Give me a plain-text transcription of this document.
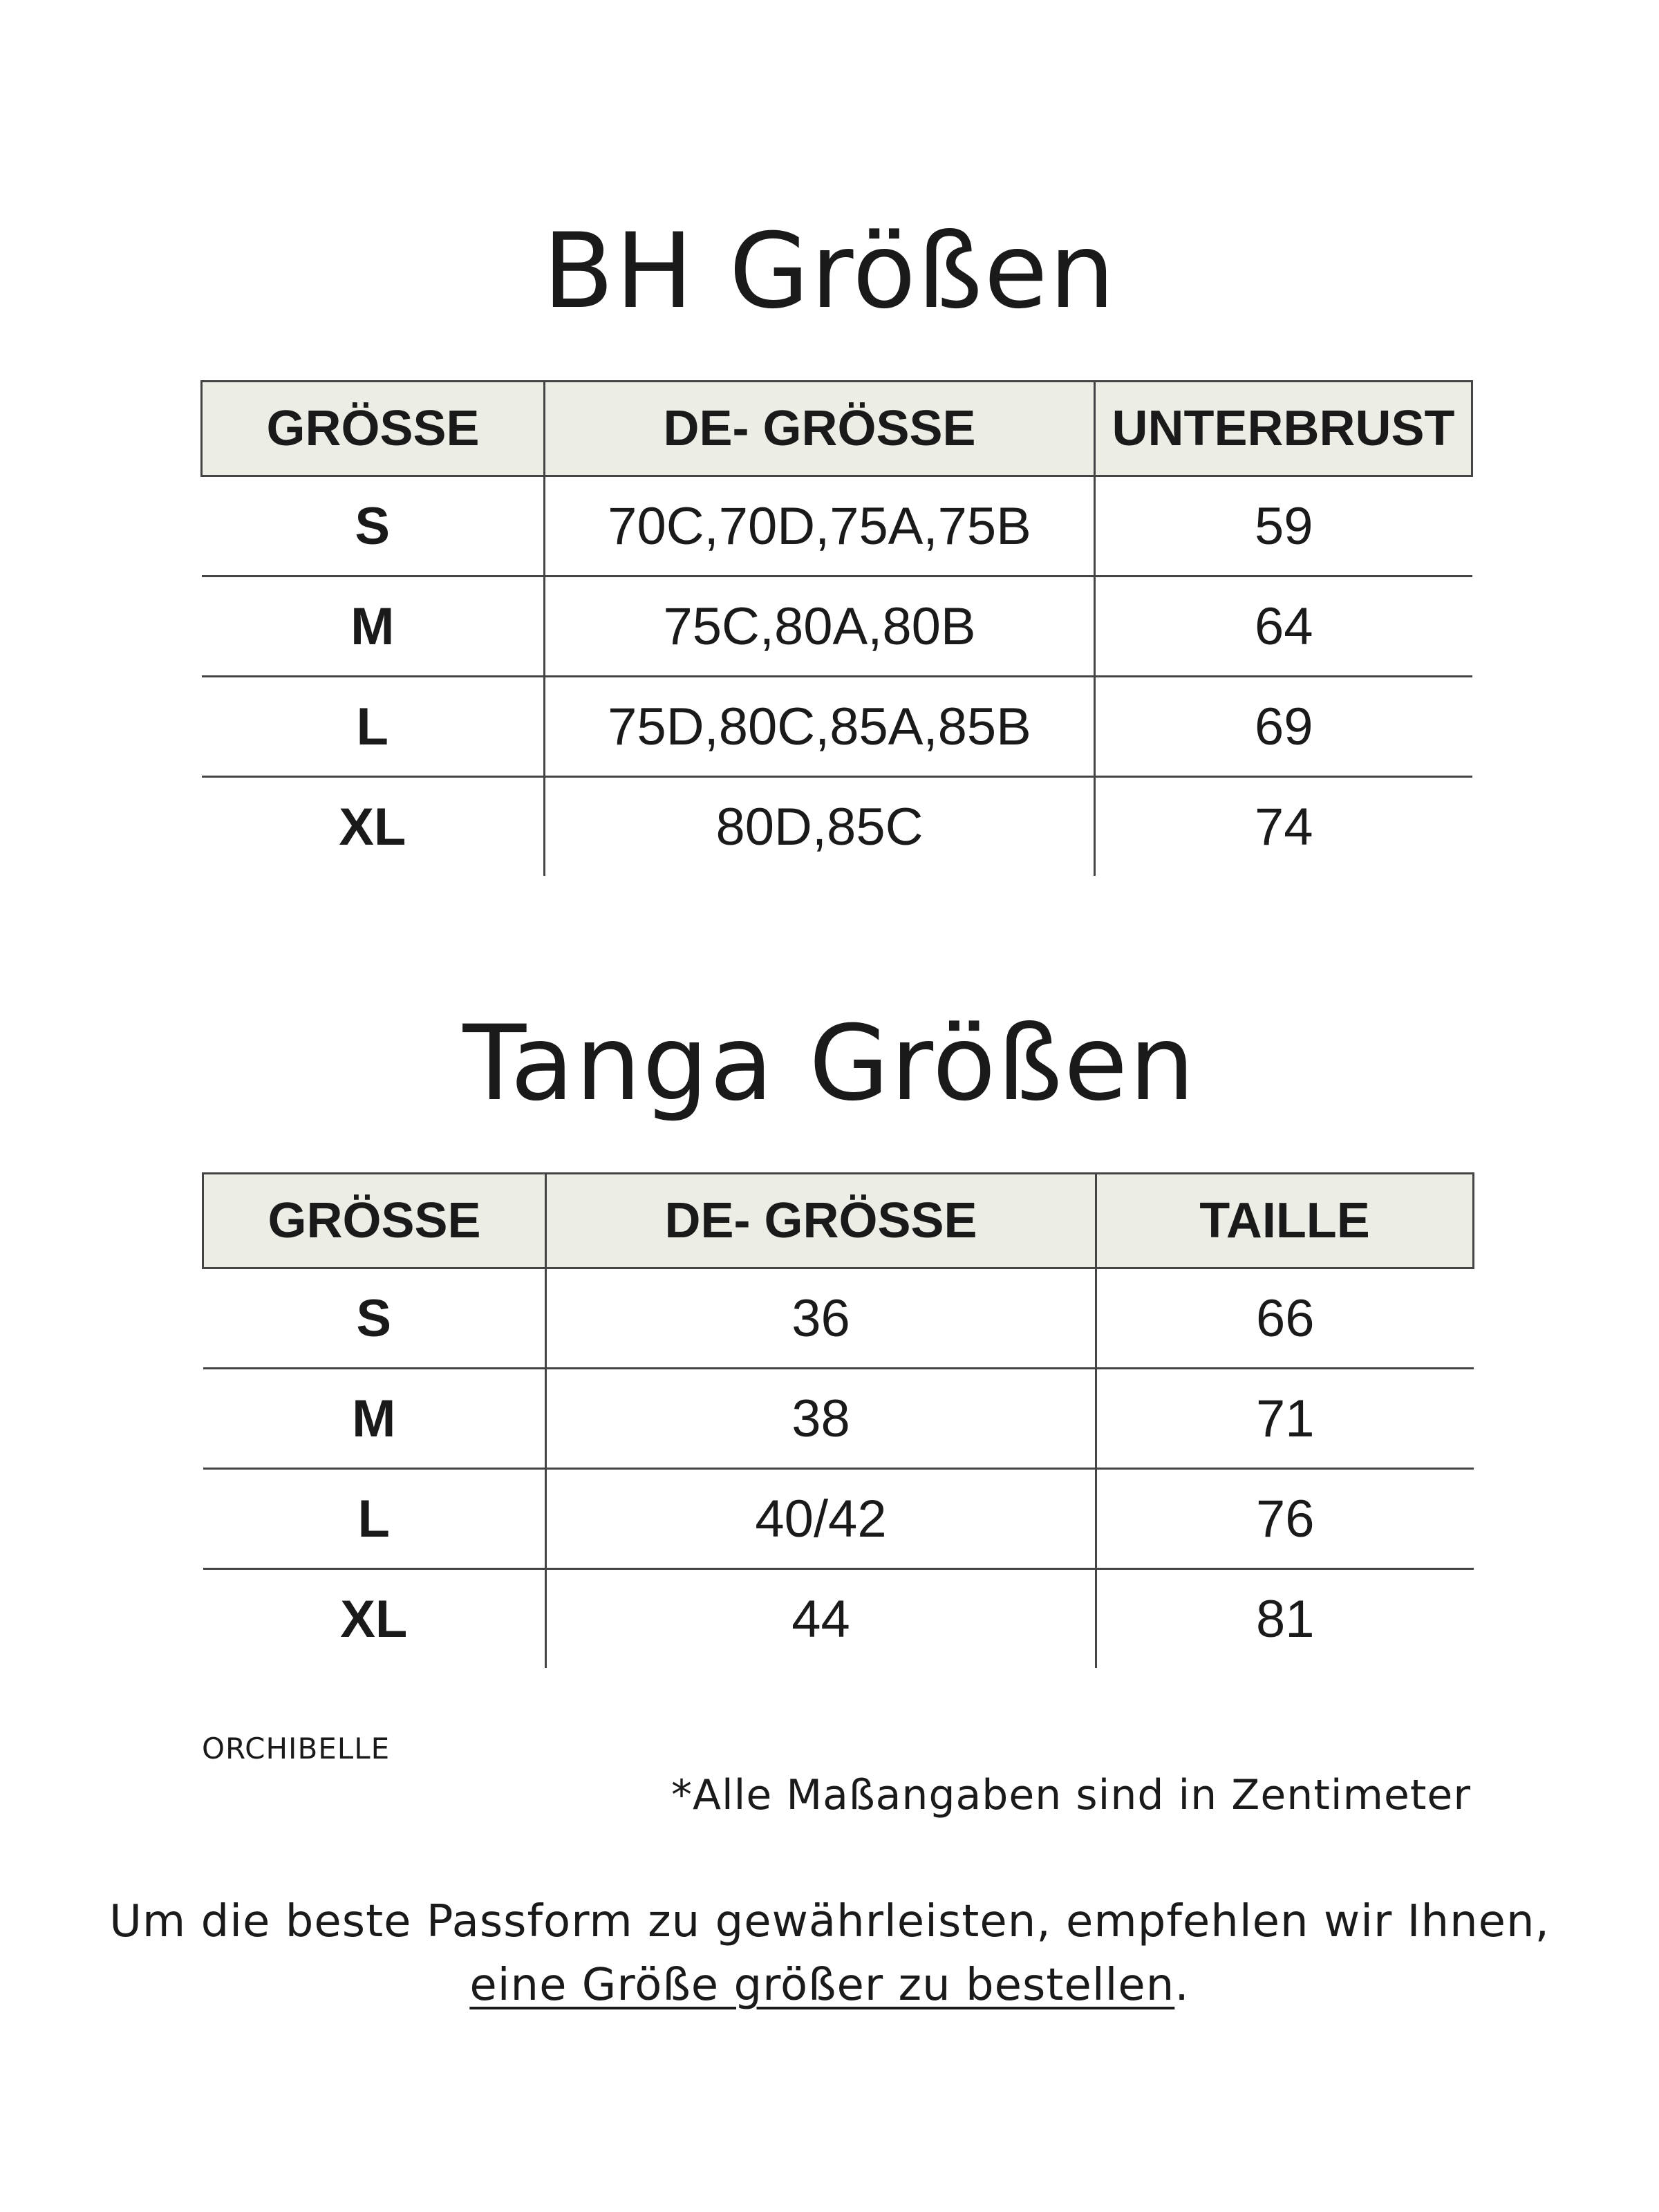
BH Größen
GRÖSSE	DE- GRÖSSE	UNTERBRUST
S	70C,70D,75A,75B	59
M	75C,80A,80B	64
L	75D,80C,85A,85B	69
XL	80D,85C	74
Tanga Größen
GRÖSSE	DE- GRÖSSE	TAILLE
S	36	66
M	38	71
L	40/42	76
XL	44	81
ORCHIBELLE
*Alle Maßangaben sind in Zentimeter
Um die beste Passform zu gewährleisten, empfehlen wir Ihnen,
eine Größe größer zu bestellen.
